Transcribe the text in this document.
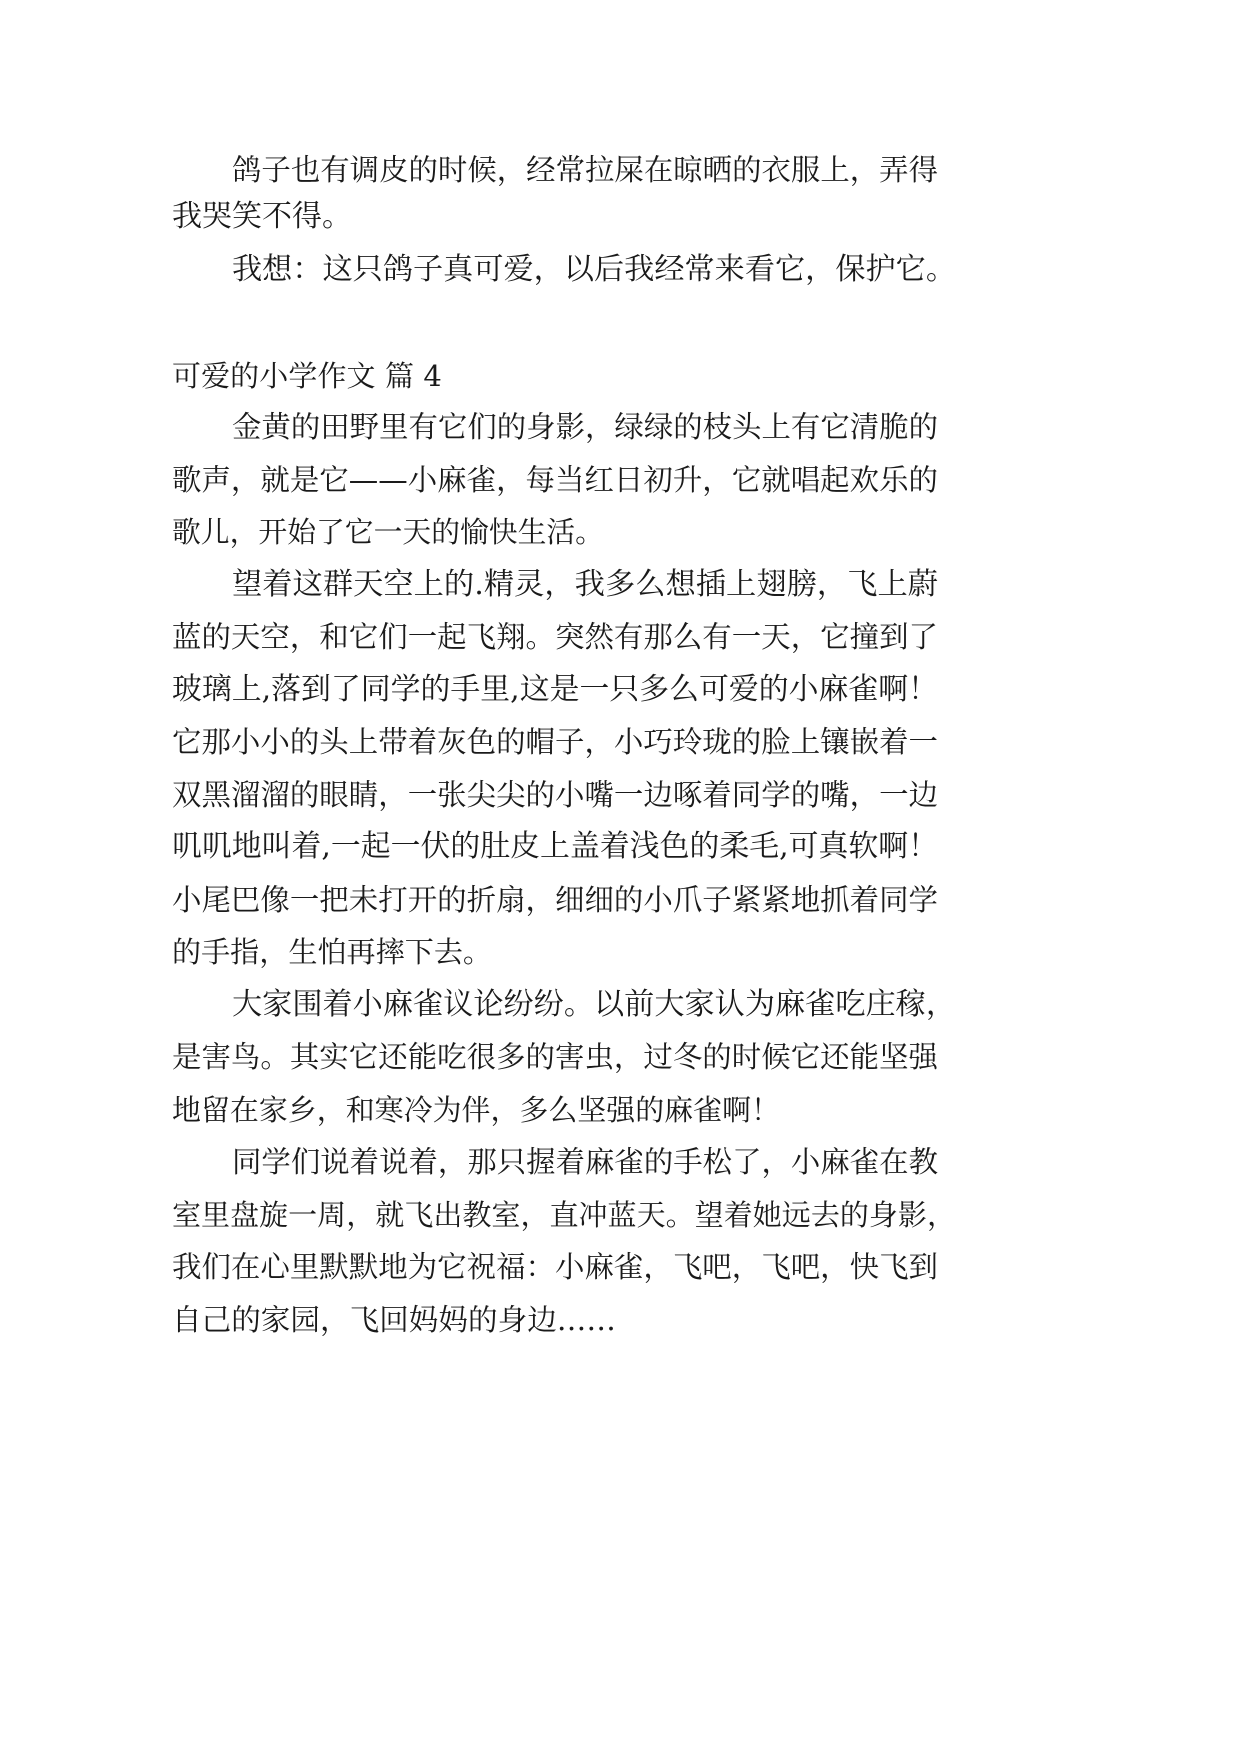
鸽子也有调皮的时候，经常拉屎在晾晒的衣服上，弄得
我哭笑不得。
我想：这只鸽子真可爱，以后我经常来看它，保护它。
可爱的小学作文 篇 4
金黄的田野里有它们的身影，绿绿的枝头上有它清脆的
歌声，就是它——小麻雀，每当红日初升，它就唱起欢乐的
歌儿，开始了它一天的愉快生活。
望着这群天空上的.精灵，我多么想插上翅膀，飞上蔚
蓝的天空，和它们一起飞翔。突然有那么有一天，它撞到了
玻璃上,落到了同学的手里,这是一只多么可爱的小麻雀啊！
它那小小的头上带着灰色的帽子，小巧玲珑的脸上镶嵌着一
双黑溜溜的眼睛，一张尖尖的小嘴一边啄着同学的嘴，一边
叽叽地叫着,一起一伏的肚皮上盖着浅色的柔毛,可真软啊！
小尾巴像一把未打开的折扇，细细的小爪子紧紧地抓着同学
的手指，生怕再摔下去。
大家围着小麻雀议论纷纷。以前大家认为麻雀吃庄稼，
是害鸟。其实它还能吃很多的害虫，过冬的时候它还能坚强
地留在家乡，和寒冷为伴，多么坚强的麻雀啊！
同学们说着说着，那只握着麻雀的手松了，小麻雀在教
室里盘旋一周，就飞出教室，直冲蓝天。望着她远去的身影，
我们在心里默默地为它祝福：小麻雀，飞吧，飞吧，快飞到
自己的家园，飞回妈妈的身边……
